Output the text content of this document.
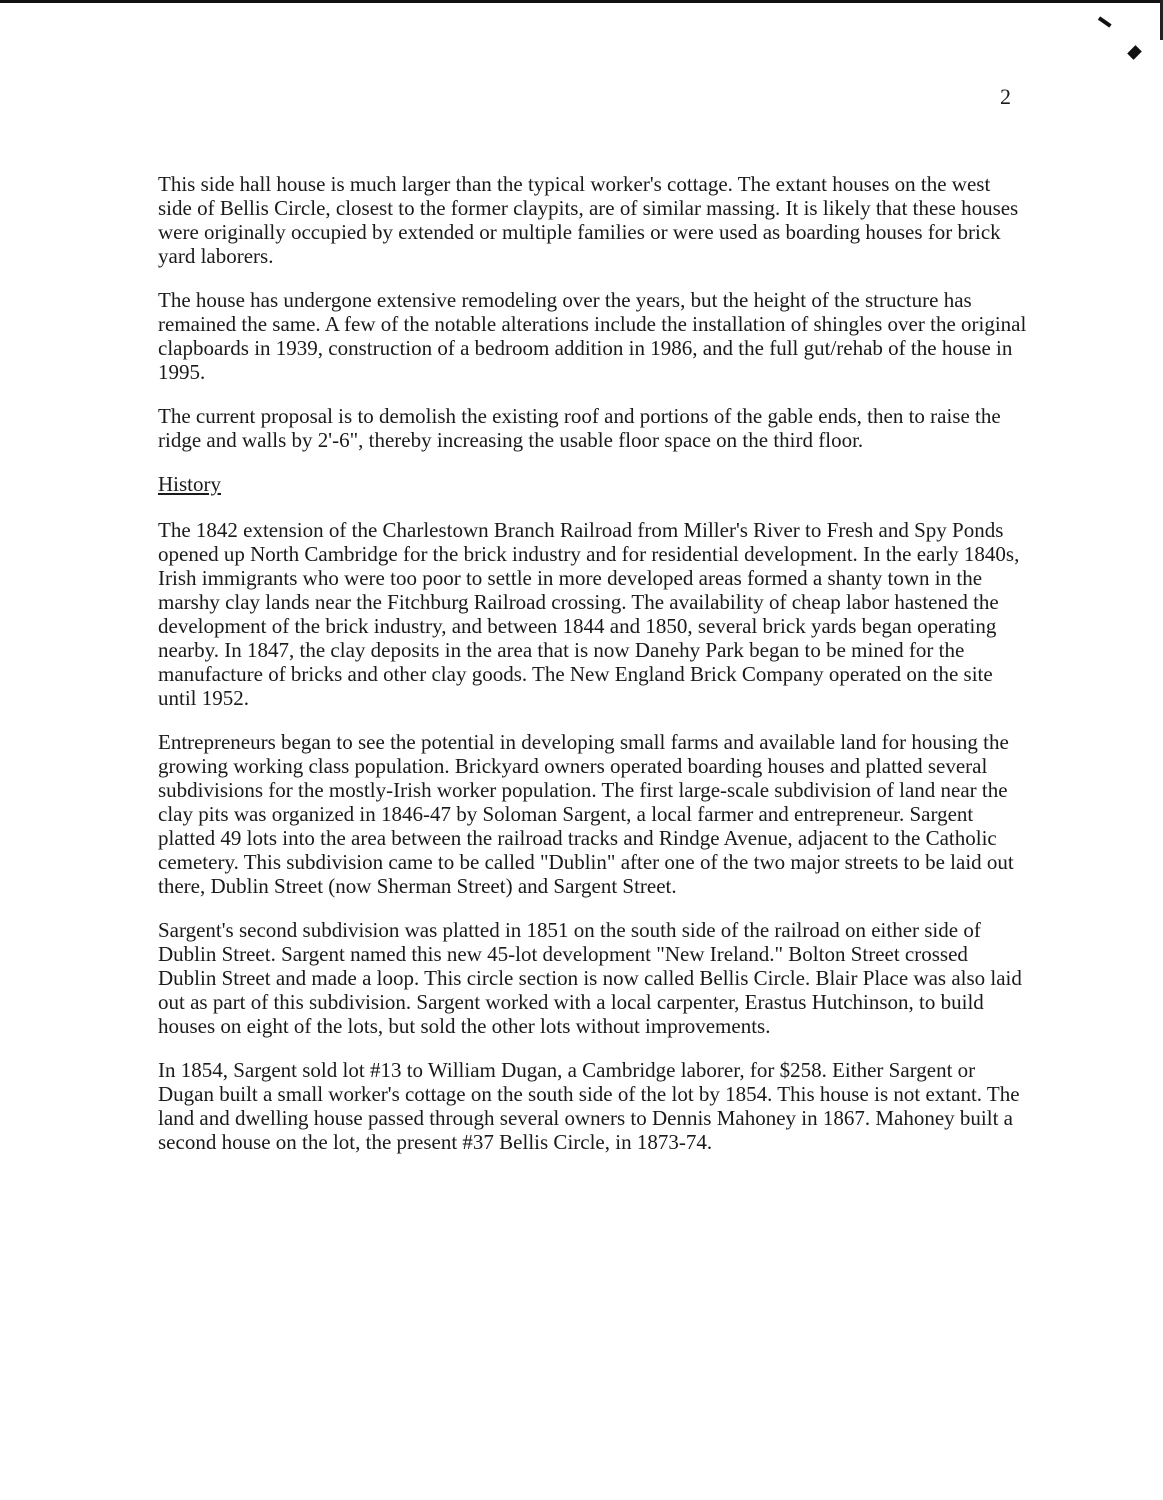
2

This side hall house is much larger than the typical worker's cottage. The extant houses on the west side of Bellis Circle, closest to the former claypits, are of similar massing. It is likely that these houses were originally occupied by extended or multiple families or were used as boarding houses for brick yard laborers.

The house has undergone extensive remodeling over the years, but the height of the structure has remained the same. A few of the notable alterations include the installation of shingles over the original clapboards in 1939, construction of a bedroom addition in 1986, and the full gut/rehab of the house in 1995.

The current proposal is to demolish the existing roof and portions of the gable ends, then to raise the ridge and walls by 2'-6", thereby increasing the usable floor space on the third floor.

History

The 1842 extension of the Charlestown Branch Railroad from Miller's River to Fresh and Spy Ponds opened up North Cambridge for the brick industry and for residential development. In the early 1840s, Irish immigrants who were too poor to settle in more developed areas formed a shanty town in the marshy clay lands near the Fitchburg Railroad crossing. The availability of cheap labor hastened the development of the brick industry, and between 1844 and 1850, several brick yards began operating nearby. In 1847, the clay deposits in the area that is now Danehy Park began to be mined for the manufacture of bricks and other clay goods. The New England Brick Company operated on the site until 1952.

Entrepreneurs began to see the potential in developing small farms and available land for housing the growing working class population. Brickyard owners operated boarding houses and platted several subdivisions for the mostly-Irish worker population. The first large-scale subdivision of land near the clay pits was organized in 1846-47 by Soloman Sargent, a local farmer and entrepreneur. Sargent platted 49 lots into the area between the railroad tracks and Rindge Avenue, adjacent to the Catholic cemetery. This subdivision came to be called "Dublin" after one of the two major streets to be laid out there, Dublin Street (now Sherman Street) and Sargent Street.

Sargent's second subdivision was platted in 1851 on the south side of the railroad on either side of Dublin Street. Sargent named this new 45-lot development "New Ireland." Bolton Street crossed Dublin Street and made a loop. This circle section is now called Bellis Circle. Blair Place was also laid out as part of this subdivision. Sargent worked with a local carpenter, Erastus Hutchinson, to build houses on eight of the lots, but sold the other lots without improvements.

In 1854, Sargent sold lot #13 to William Dugan, a Cambridge laborer, for $258. Either Sargent or Dugan built a small worker's cottage on the south side of the lot by 1854. This house is not extant. The land and dwelling house passed through several owners to Dennis Mahoney in 1867. Mahoney built a second house on the lot, the present #37 Bellis Circle, in 1873-74.
